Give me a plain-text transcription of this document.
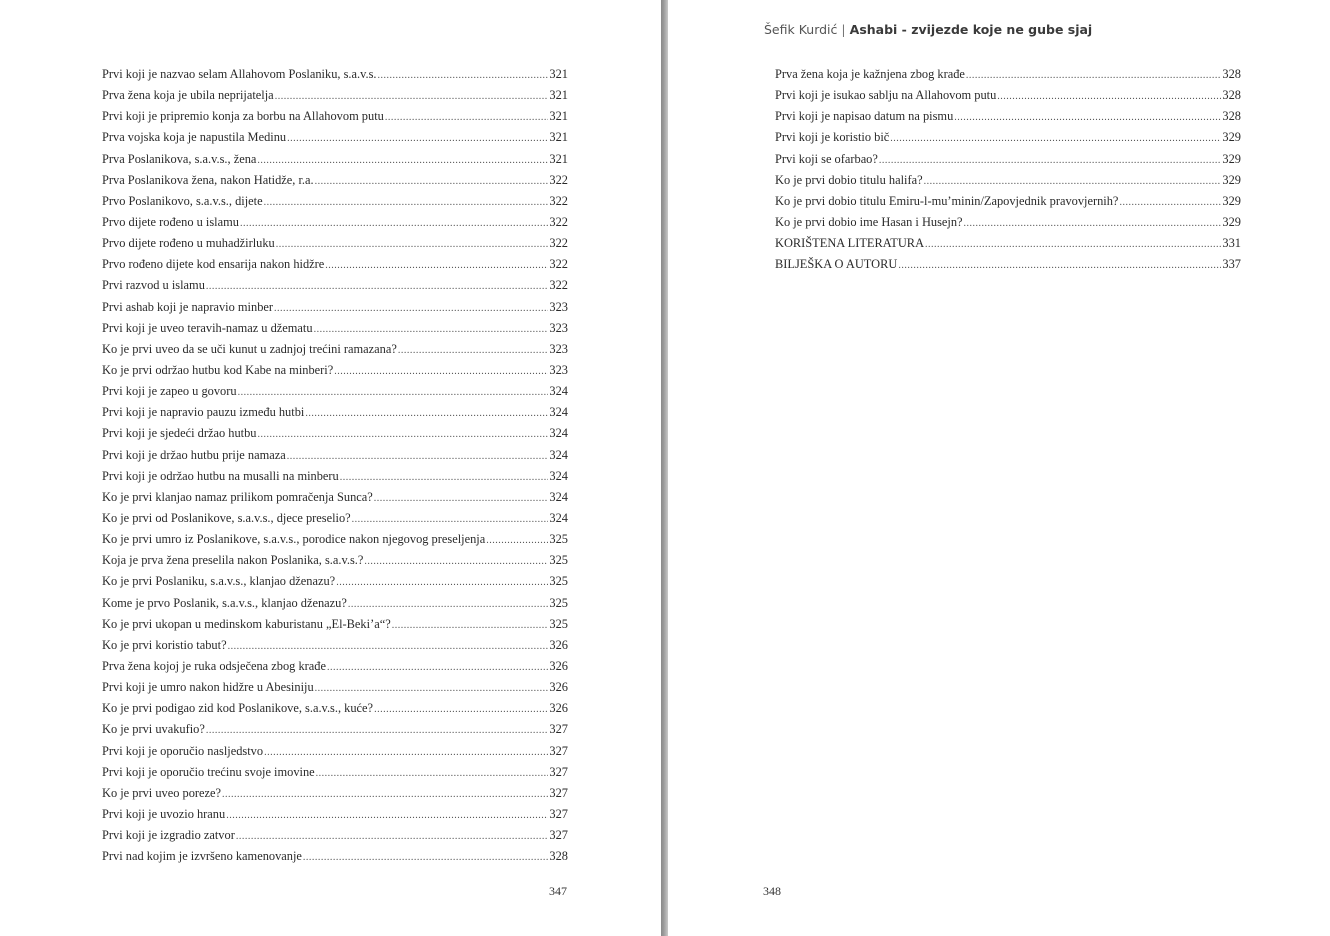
Prvi koji je nazvao selam Allahovom Poslaniku, s.a.v.s. .....	321
Prva žena koja je ubila neprijatelja .....	321
Prvi koji je pripremio konja za borbu na Allahovom putu .....	321
Prva vojska koja je napustila Medinu .....	321
Prva Poslanikova, s.a.v.s., žena .....	321
Prva Poslanikova žena, nakon Hatidže, r.a. .....	322
Prvo Poslanikovo, s.a.v.s., dijete .....	322
Prvo dijete rođeno u islamu .....	322
Prvo dijete rođeno u muhadžirluku .....	322
Prvo rođeno dijete kod ensarija nakon hidžre .....	322
Prvi razvod u islamu .....	322
Prvi ashab koji je napravio minber .....	323
Prvi koji je uveo teravih-namaz u džematu .....	323
Ko je prvi uveo da se uči kunut u zadnjoj trećini ramazana? .....	323
Ko je prvi održao hutbu kod Kabe na minberi? .....	323
Prvi koji je zapeo u govoru .....	324
Prvi koji je napravio pauzu između hutbi .....	324
Prvi koji je sjedeći držao hutbu .....	324
Prvi koji je držao hutbu prije namaza .....	324
Prvi koji je održao hutbu na musalli na minberu .....	324
Ko je prvi klanjao namaz prilikom pomračenja Sunca? .....	324
Ko je prvi od Poslanikove, s.a.v.s., djece preselio? .....	324
Ko je prvi umro iz Poslanikove, s.a.v.s., porodice nakon njegovog preseljenja .....	325
Koja je prva žena preselila nakon Poslanika, s.a.v.s.? .....	325
Ko je prvi Poslaniku, s.a.v.s., klanjao dženazu? .....	325
Kome je prvo Poslanik, s.a.v.s., klanjao dženazu? .....	325
Ko je prvi ukopan u medinskom kaburistanu „El-Beki’a“? .....	325
Ko je prvi koristio tabut? .....	326
Prva žena kojoj je ruka odsječena zbog krađe .....	326
Prvi koji je umro nakon hidžre u Abesiniju .....	326
Ko je prvi podigao zid kod Poslanikove, s.a.v.s., kuće? .....	326
Ko je prvi uvakufio? .....	327
Prvi koji je oporučio nasljedstvo .....	327
Prvi koji je oporučio trećinu svoje imovine .....	327
Ko je prvi uveo poreze? .....	327
Prvi koji je uvozio hranu .....	327
Prvi koji je izgradio zatvor .....	327
Prvi nad kojim je izvršeno kamenovanje .....	328
347
Šefik Kurdić | Ashabi - zvijezde koje ne gube sjaj
Prva žena koja je kažnjena zbog krađe .....	328
Prvi koji je isukao sablju na Allahovom putu .....	328
Prvi koji je napisao datum na pismu .....	328
Prvi koji je koristio bič .....	329
Prvi koji se ofarbao? .....	329
Ko je prvi dobio titulu halifa? .....	329
Ko je prvi dobio titulu Emiru-l-mu’minin/Zapovjednik pravovjernih? .....	329
Ko je prvi dobio ime Hasan i Husejn? .....	329
KORIŠTENA LITERATURA .....	331
BILJEŠKA O AUTORU .....	337
348
